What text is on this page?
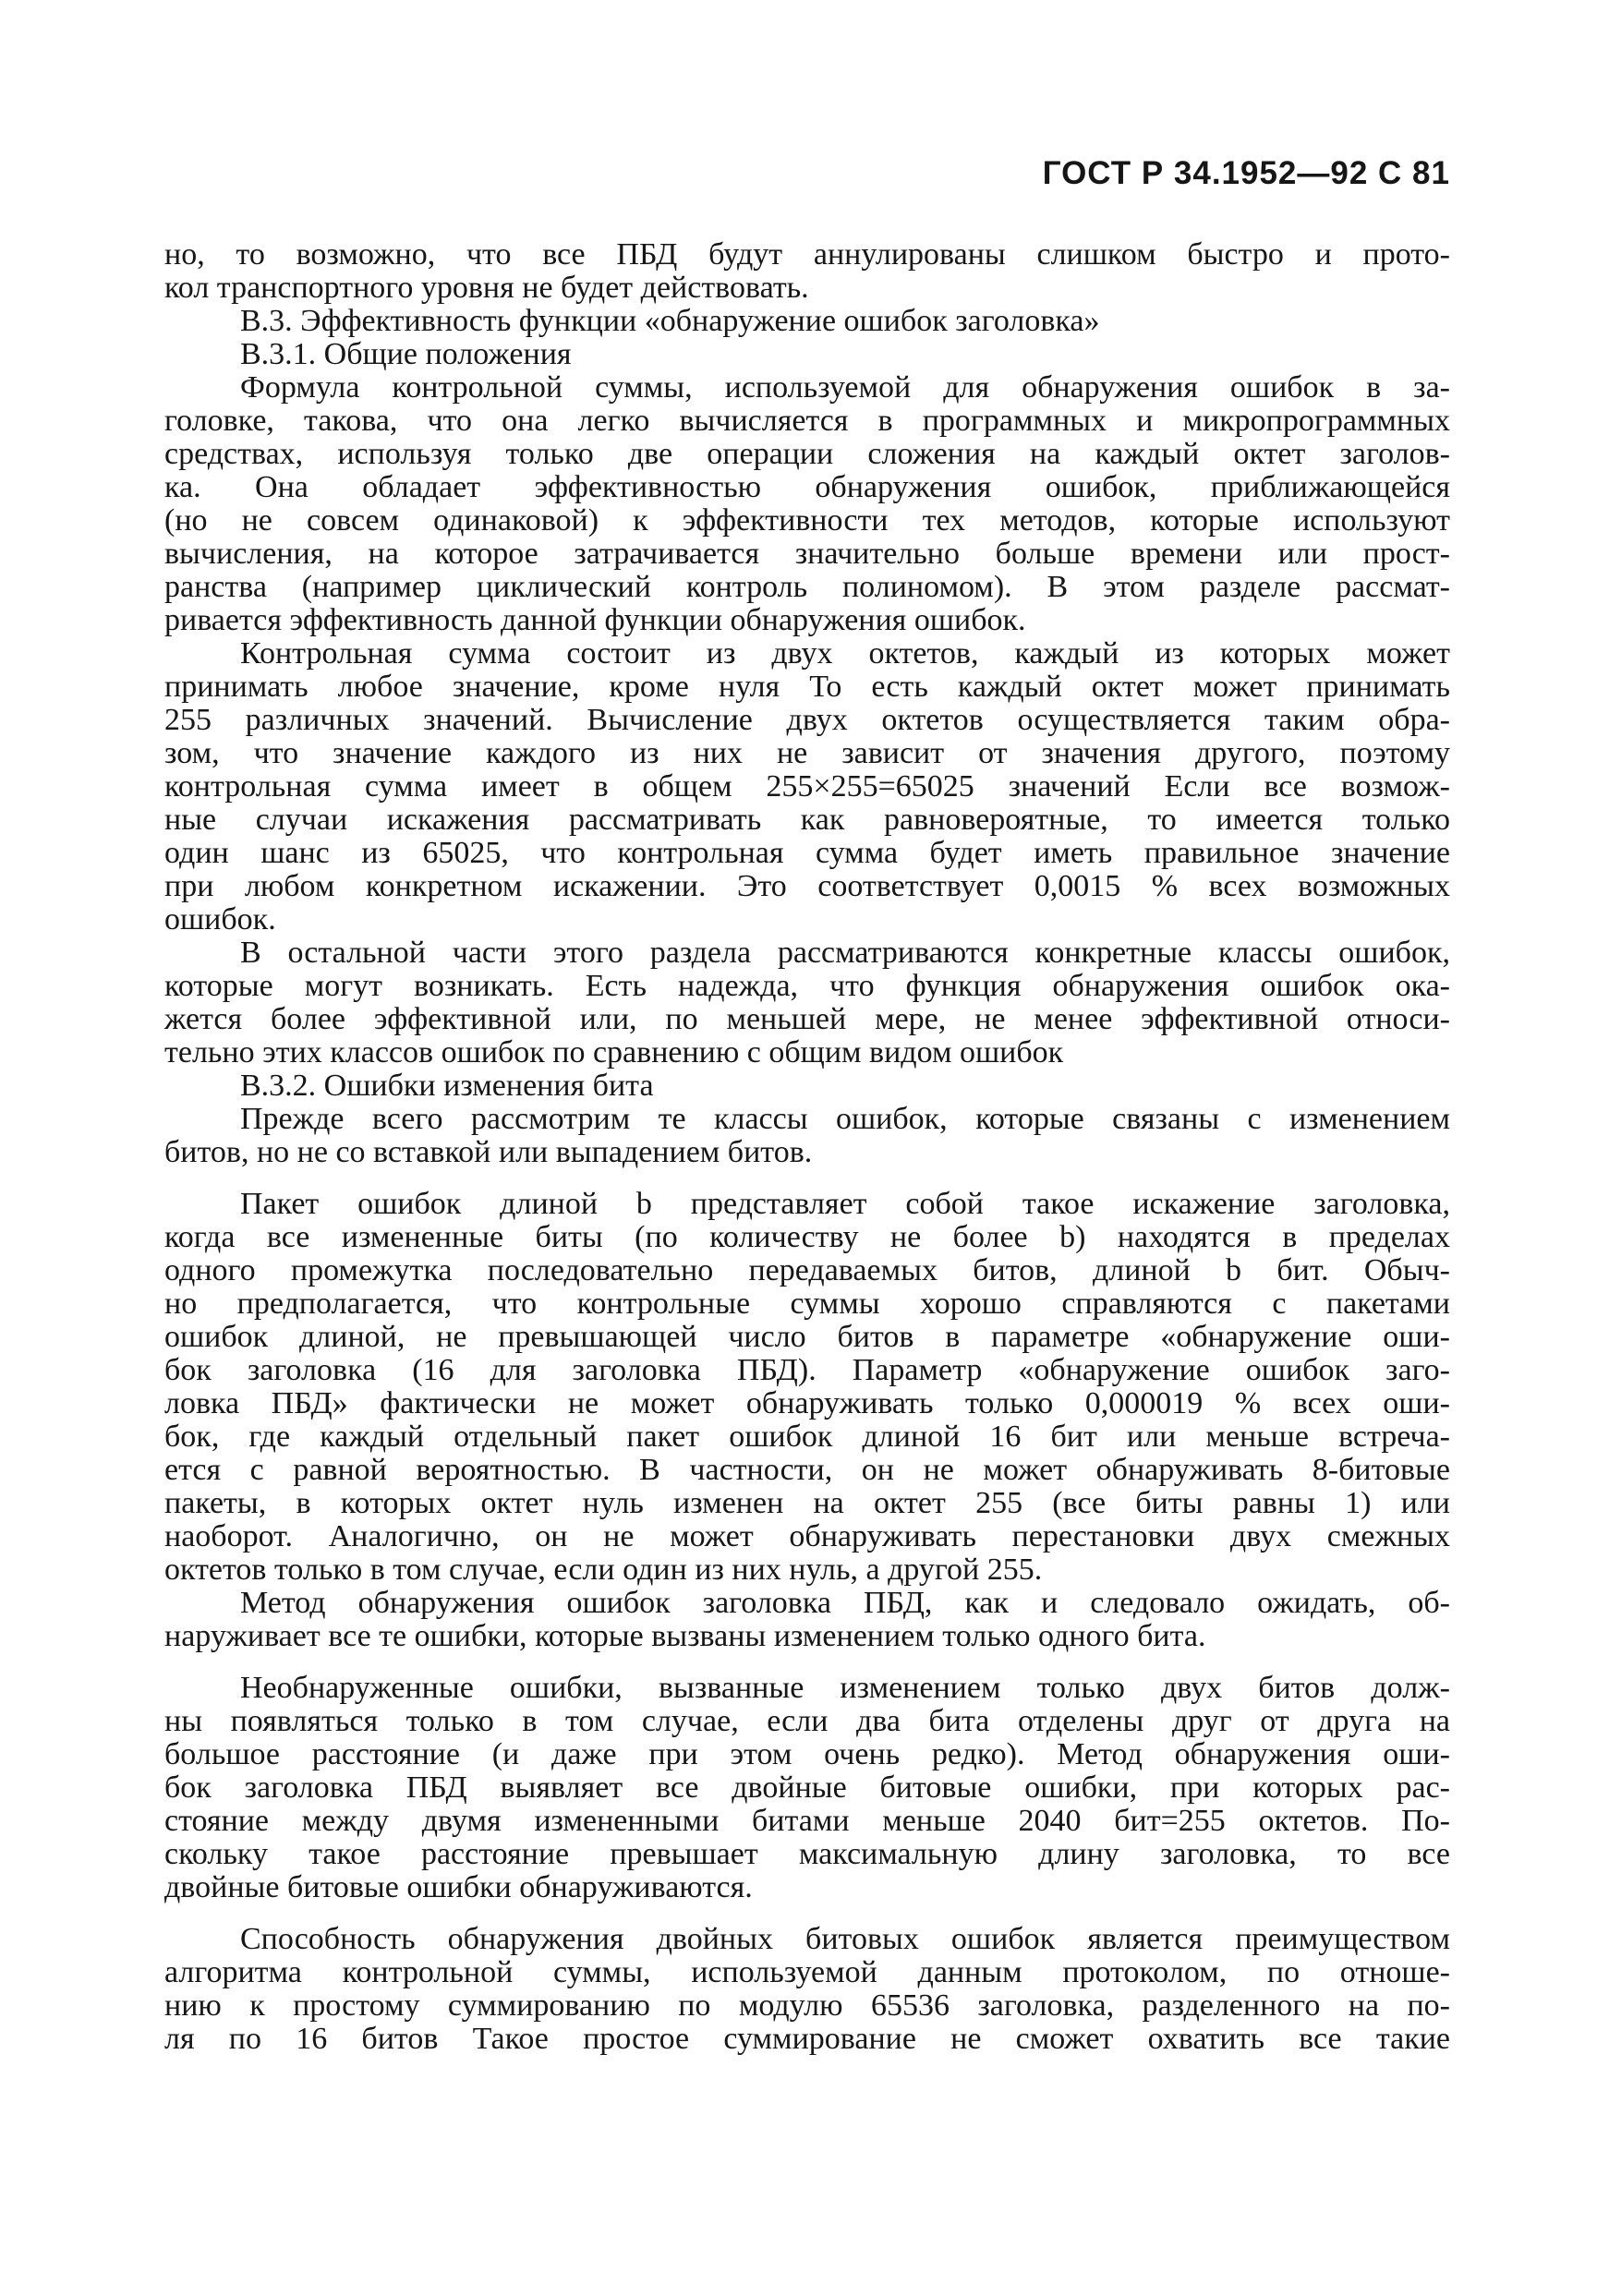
ГОСТ Р 34.1952—92 С 81
но, то возможно, что все ПБД будут аннулированы слишком быстро и прото-
кол транспортного уровня не будет действовать.
В.3. Эффективность функции «обнаружение ошибок заголовка»
В.3.1. Общие положения
Формула контрольной суммы, используемой для обнаружения ошибок в за-
головке, такова, что она легко вычисляется в программных и микропрограммных
средствах, используя только две операции сложения на каждый октет заголов-
ка. Она обладает эффективностью обнаружения ошибок, приближающейся
(но не совсем одинаковой) к эффективности тех методов, которые используют
вычисления, на которое затрачивается значительно больше времени или прост-
ранства (например циклический контроль полиномом). В этом разделе рассмат-
ривается эффективность данной функции обнаружения ошибок.
Контрольная сумма состоит из двух октетов, каждый из которых может
принимать любое значение, кроме нуля То есть каждый октет может принимать
255 различных значений. Вычисление двух октетов осуществляется таким обра-
зом, что значение каждого из них не зависит от значения другого, поэтому
контрольная сумма имеет в общем 255×255=65025 значений Если все возмож-
ные случаи искажения рассматривать как равновероятные, то имеется только
один шанс из 65025, что контрольная сумма будет иметь правильное значение
при любом конкретном искажении. Это соответствует 0,0015 % всех возможных
ошибок.
В остальной части этого раздела рассматриваются конкретные классы ошибок,
которые могут возникать. Есть надежда, что функция обнаружения ошибок ока-
жется более эффективной или, по меньшей мере, не менее эффективной относи-
тельно этих классов ошибок по сравнению с общим видом ошибок
В.3.2. Ошибки изменения бита
Прежде всего рассмотрим те классы ошибок, которые связаны с изменением
битов, но не со вставкой или выпадением битов.
Пакет ошибок длиной b представляет собой такое искажение заголовка,
когда все измененные биты (по количеству не более b) находятся в пределах
одного промежутка последовательно передаваемых битов, длиной b бит. Обыч-
но предполагается, что контрольные суммы хорошо справляются с пакетами
ошибок длиной, не превышающей число битов в параметре «обнаружение оши-
бок заголовка (16 для заголовка ПБД). Параметр «обнаружение ошибок заго-
ловка ПБД» фактически не может обнаруживать только 0,000019 % всех оши-
бок, где каждый отдельный пакет ошибок длиной 16 бит или меньше встреча-
ется с равной вероятностью. В частности, он не может обнаруживать 8-битовые
пакеты, в которых октет нуль изменен на октет 255 (все биты равны 1) или
наоборот. Аналогично, он не может обнаруживать перестановки двух смежных
октетов только в том случае, если один из них нуль, а другой 255.
Метод обнаружения ошибок заголовка ПБД, как и следовало ожидать, об-
наруживает все те ошибки, которые вызваны изменением только одного бита.
Необнаруженные ошибки, вызванные изменением только двух битов долж-
ны появляться только в том случае, если два бита отделены друг от друга на
большое расстояние (и даже при этом очень редко). Метод обнаружения оши-
бок заголовка ПБД выявляет все двойные битовые ошибки, при которых рас-
стояние между двумя измененными битами меньше 2040 бит=255 октетов. По-
скольку такое расстояние превышает максимальную длину заголовка, то все
двойные битовые ошибки обнаруживаются.
Способность обнаружения двойных битовых ошибок является преимуществом
алгоритма контрольной суммы, используемой данным протоколом, по отноше-
нию к простому суммированию по модулю 65536 заголовка, разделенного на по-
ля по 16 битов Такое простое суммирование не сможет охватить все такие
